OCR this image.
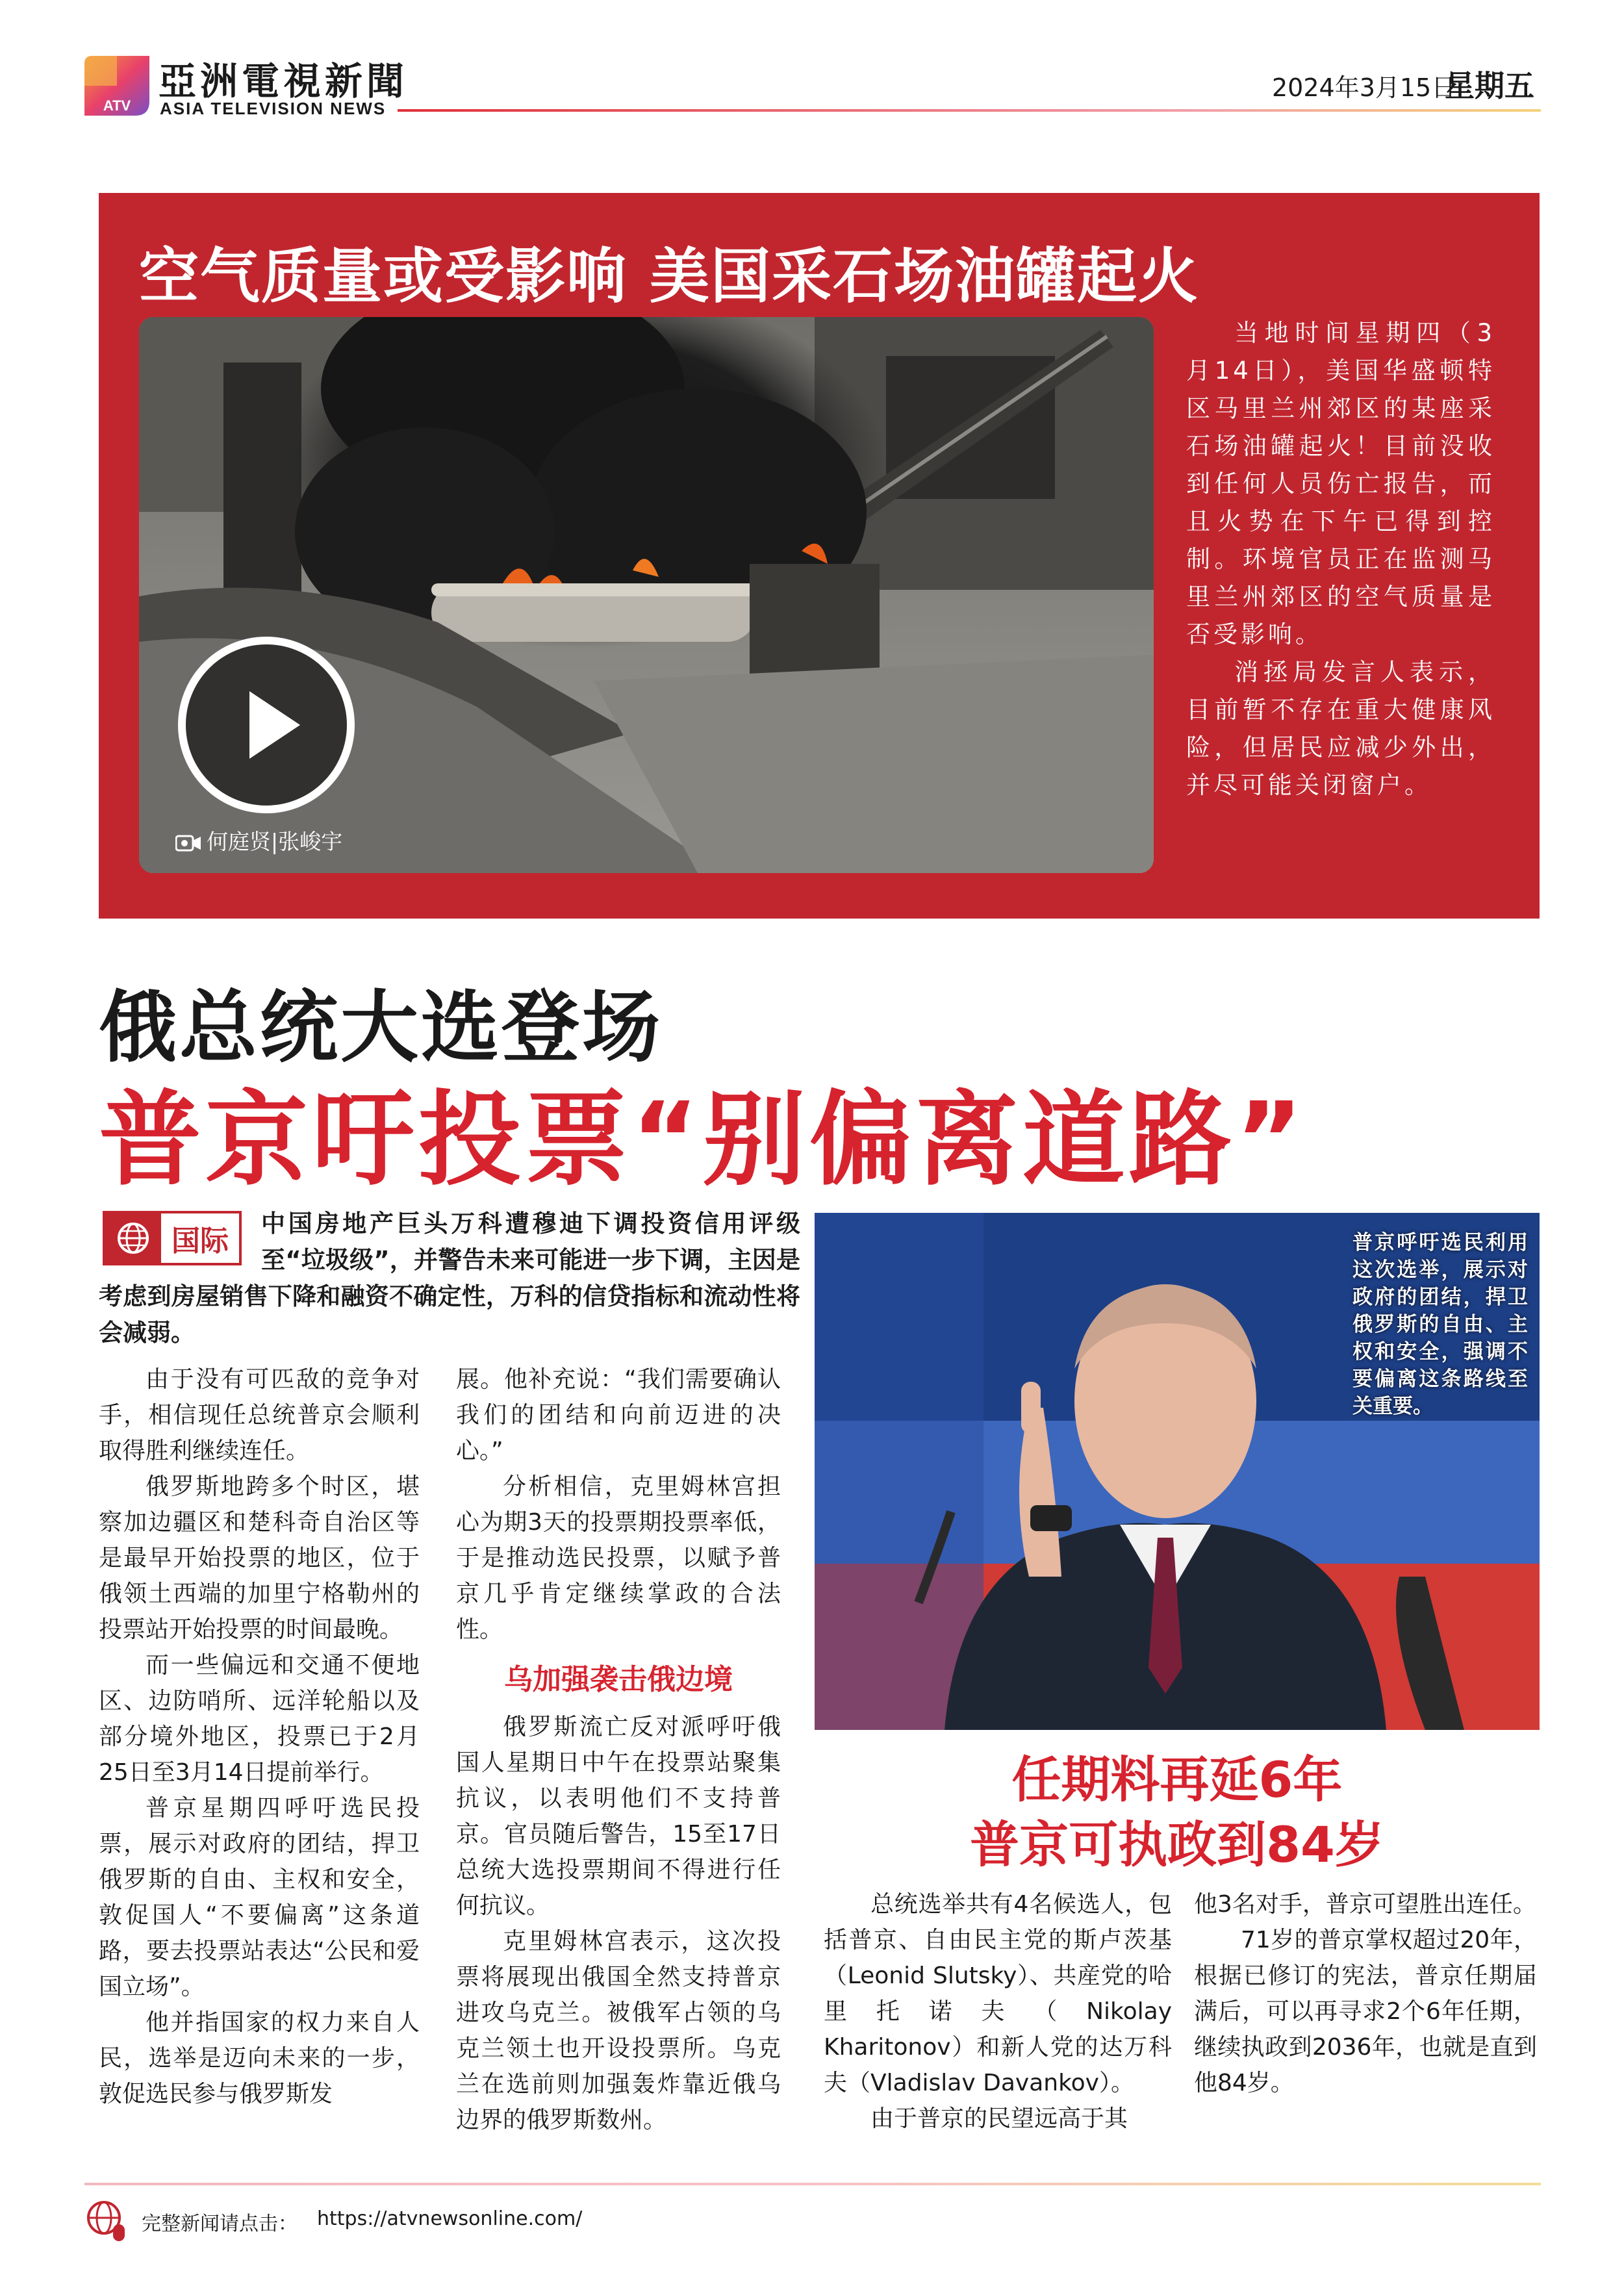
ATV
亞洲電視新聞
ASIA TELEVISION NEWS
2024年3月15日
星期五
空气质量或受影响 美国采石场油罐起火
何庭贤|张峻宇

当地时间星期四（3月14日），美国华盛顿特区马里兰州郊区的某座采石场油罐起火！目前没收到任何人员伤亡报告，而且火势在下午已得到控制。环境官员正在监测马里兰州郊区的空气质量是否受影响。

消拯局发言人表示，目前暂不存在重大健康风险，但居民应减少外出，并尽可能关闭窗户。

俄总统大选登场
普京吁投票“别偏离道路”
中国房地产巨头万科遭穆迪下调投资信用评级至“垃圾级”，并警告未来可能进一步下调，主因是考虑到房屋销售下降和融资不确定性，万科的信贷指标和流动性将会减弱。
国际

由于没有可匹敌的竞争对手，相信现任总统普京会顺利取得胜利继续连任。

俄罗斯地跨多个时区，堪察加边疆区和楚科奇自治区等是最早开始投票的地区，位于俄领土西端的加里宁格勒州的投票站开始投票的时间最晚。

而一些偏远和交通不便地区、边防哨所、远洋轮船以及部分境外地区，投票已于2月25日至3月14日提前举行。

普京星期四呼吁选民投票，展示对政府的团结，捍卫俄罗斯的自由、主权和安全，敦促国人“不要偏离”这条道路，要去投票站表达“公民和爱国立场”。

他并指国家的权力来自人民，选举是迈向未来的一步，敦促选民参与俄罗斯发

展。他补充说：“我们需要确认我们的团结和向前迈进的决心。”

分析相信，克里姆林宫担心为期3天的投票期投票率低，于是推动选民投票，以赋予普京几乎肯定继续掌政的合法性。

乌加强袭击俄边境

俄罗斯流亡反对派呼吁俄国人星期日中午在投票站聚集抗议，以表明他们不支持普京。官员随后警告，15至17日总统大选投票期间不得进行任何抗议。

克里姆林宫表示，这次投票将展现出俄国全然支持普京进攻乌克兰。被俄军占领的乌克兰领土也开设投票所。乌克兰在选前则加强轰炸靠近俄乌边界的俄罗斯数州。

普京呼吁选民利用这次选举，展示对政府的团结，捍卫俄罗斯的自由、主权和安全，强调不要偏离这条路线至关重要。
任期料再延6年
普京可执政到84岁

总统选举共有4名候选人，包括普京、自由民主党的斯卢茨基（Leonid Slutsky）、共産党的哈里托诺夫（Nikolay Kharitonov）和新人党的达万科夫（Vladislav Davankov）。

由于普京的民望远高于其

他3名对手，普京可望胜出连任。

71岁的普京掌权超过20年，根据已修订的宪法，普京任期届满后，可以再寻求2个6年任期，继续执政到2036年，也就是直到他84岁。

完整新闻请点击： https://atvnewsonline.com/
